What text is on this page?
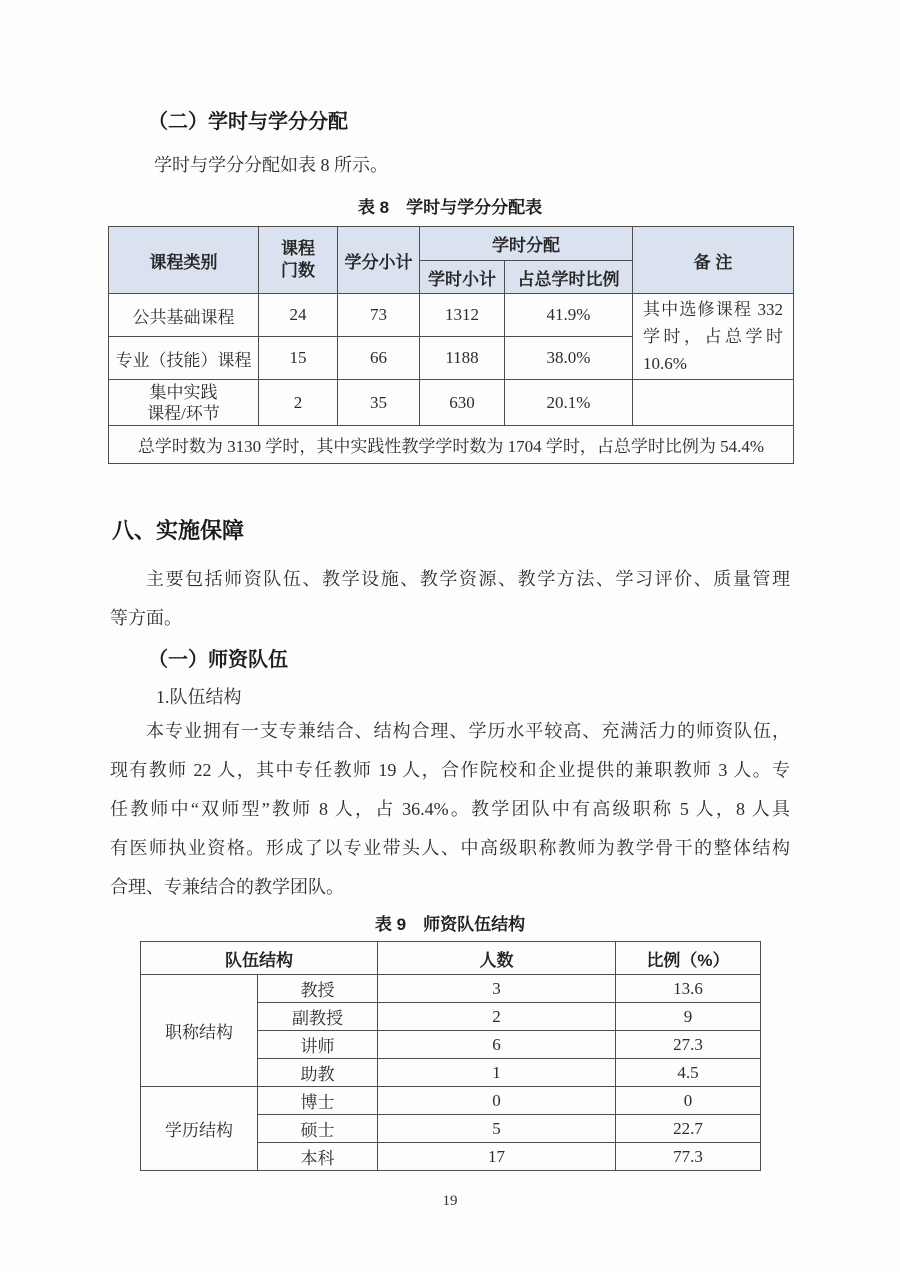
（二）学时与学分分配

学时与学分分配如表 8 所示。

表 8　学时与学分分配表
课程类别	课程门数	学分小计	学时分配		备 注
			学时小计	占总学时比例	
公共基础课程	24	73	1312	41.9%	其中选修课程 332 学时，占总学时 10.6%
专业（技能）课程	15	66	1188	38.0%	

集中实践
课程/环节	2	35	630	20.1%	
总学时数为 3130 学时，其中实践性教学学时数为 1704 学时，占总学时比例为 54.4%					
八、实施保障

主要包括师资队伍、教学设施、教学资源、教学方法、学习评价、质量管理

等方面。

（一）师资队伍

1.队伍结构

本专业拥有一支专兼结合、结构合理、学历水平较高、充满活力的师资队伍，

现有教师 22 人，其中专任教师 19 人，合作院校和企业提供的兼职教师 3 人。专

任教师中“双师型”教师 8 人，占 36.4%。教学团队中有高级职称 5 人，8 人具

有医师执业资格。形成了以专业带头人、中高级职称教师为教学骨干的整体结构

合理、专兼结合的教学团队。

表 9　师资队伍结构
队伍结构		人数	比例（%）
职称结构	教授	3	13.6
	副教授	2	9
	讲师	6	27.3
	助教	1	4.5
学历结构	博士	0	0
	硕士	5	22.7
	本科	17	77.3
19
